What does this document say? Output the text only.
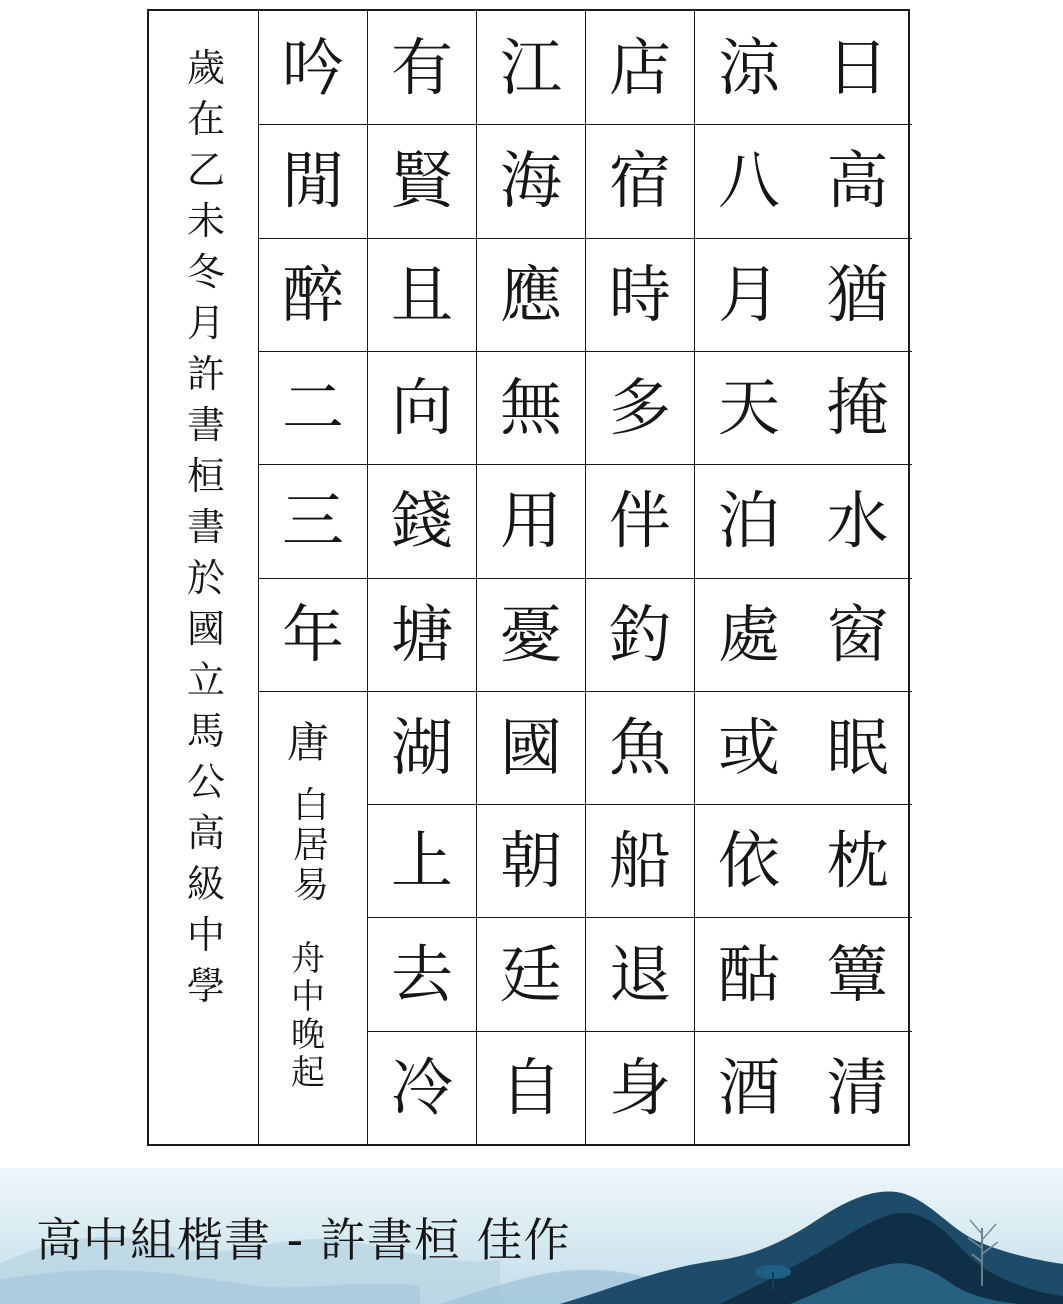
日
高
猶
掩
水
窗
眠
枕
簟
清
涼
八
月
天
泊
處
或
依
酤
酒
店
宿
時
多
伴
釣
魚
船
退
身
江
海
應
無
用
憂
國
朝
廷
自
有
賢
且
向
錢
塘
湖
上
去
冷
吟
閒
醉
二
三
年
唐
白
居
易
舟
中
晚
起
歲
在
乙
未
冬
月
許
書
桓
書
於
國
立
馬
公
高
級
中
學
高中組楷書 - 許書桓 佳作
